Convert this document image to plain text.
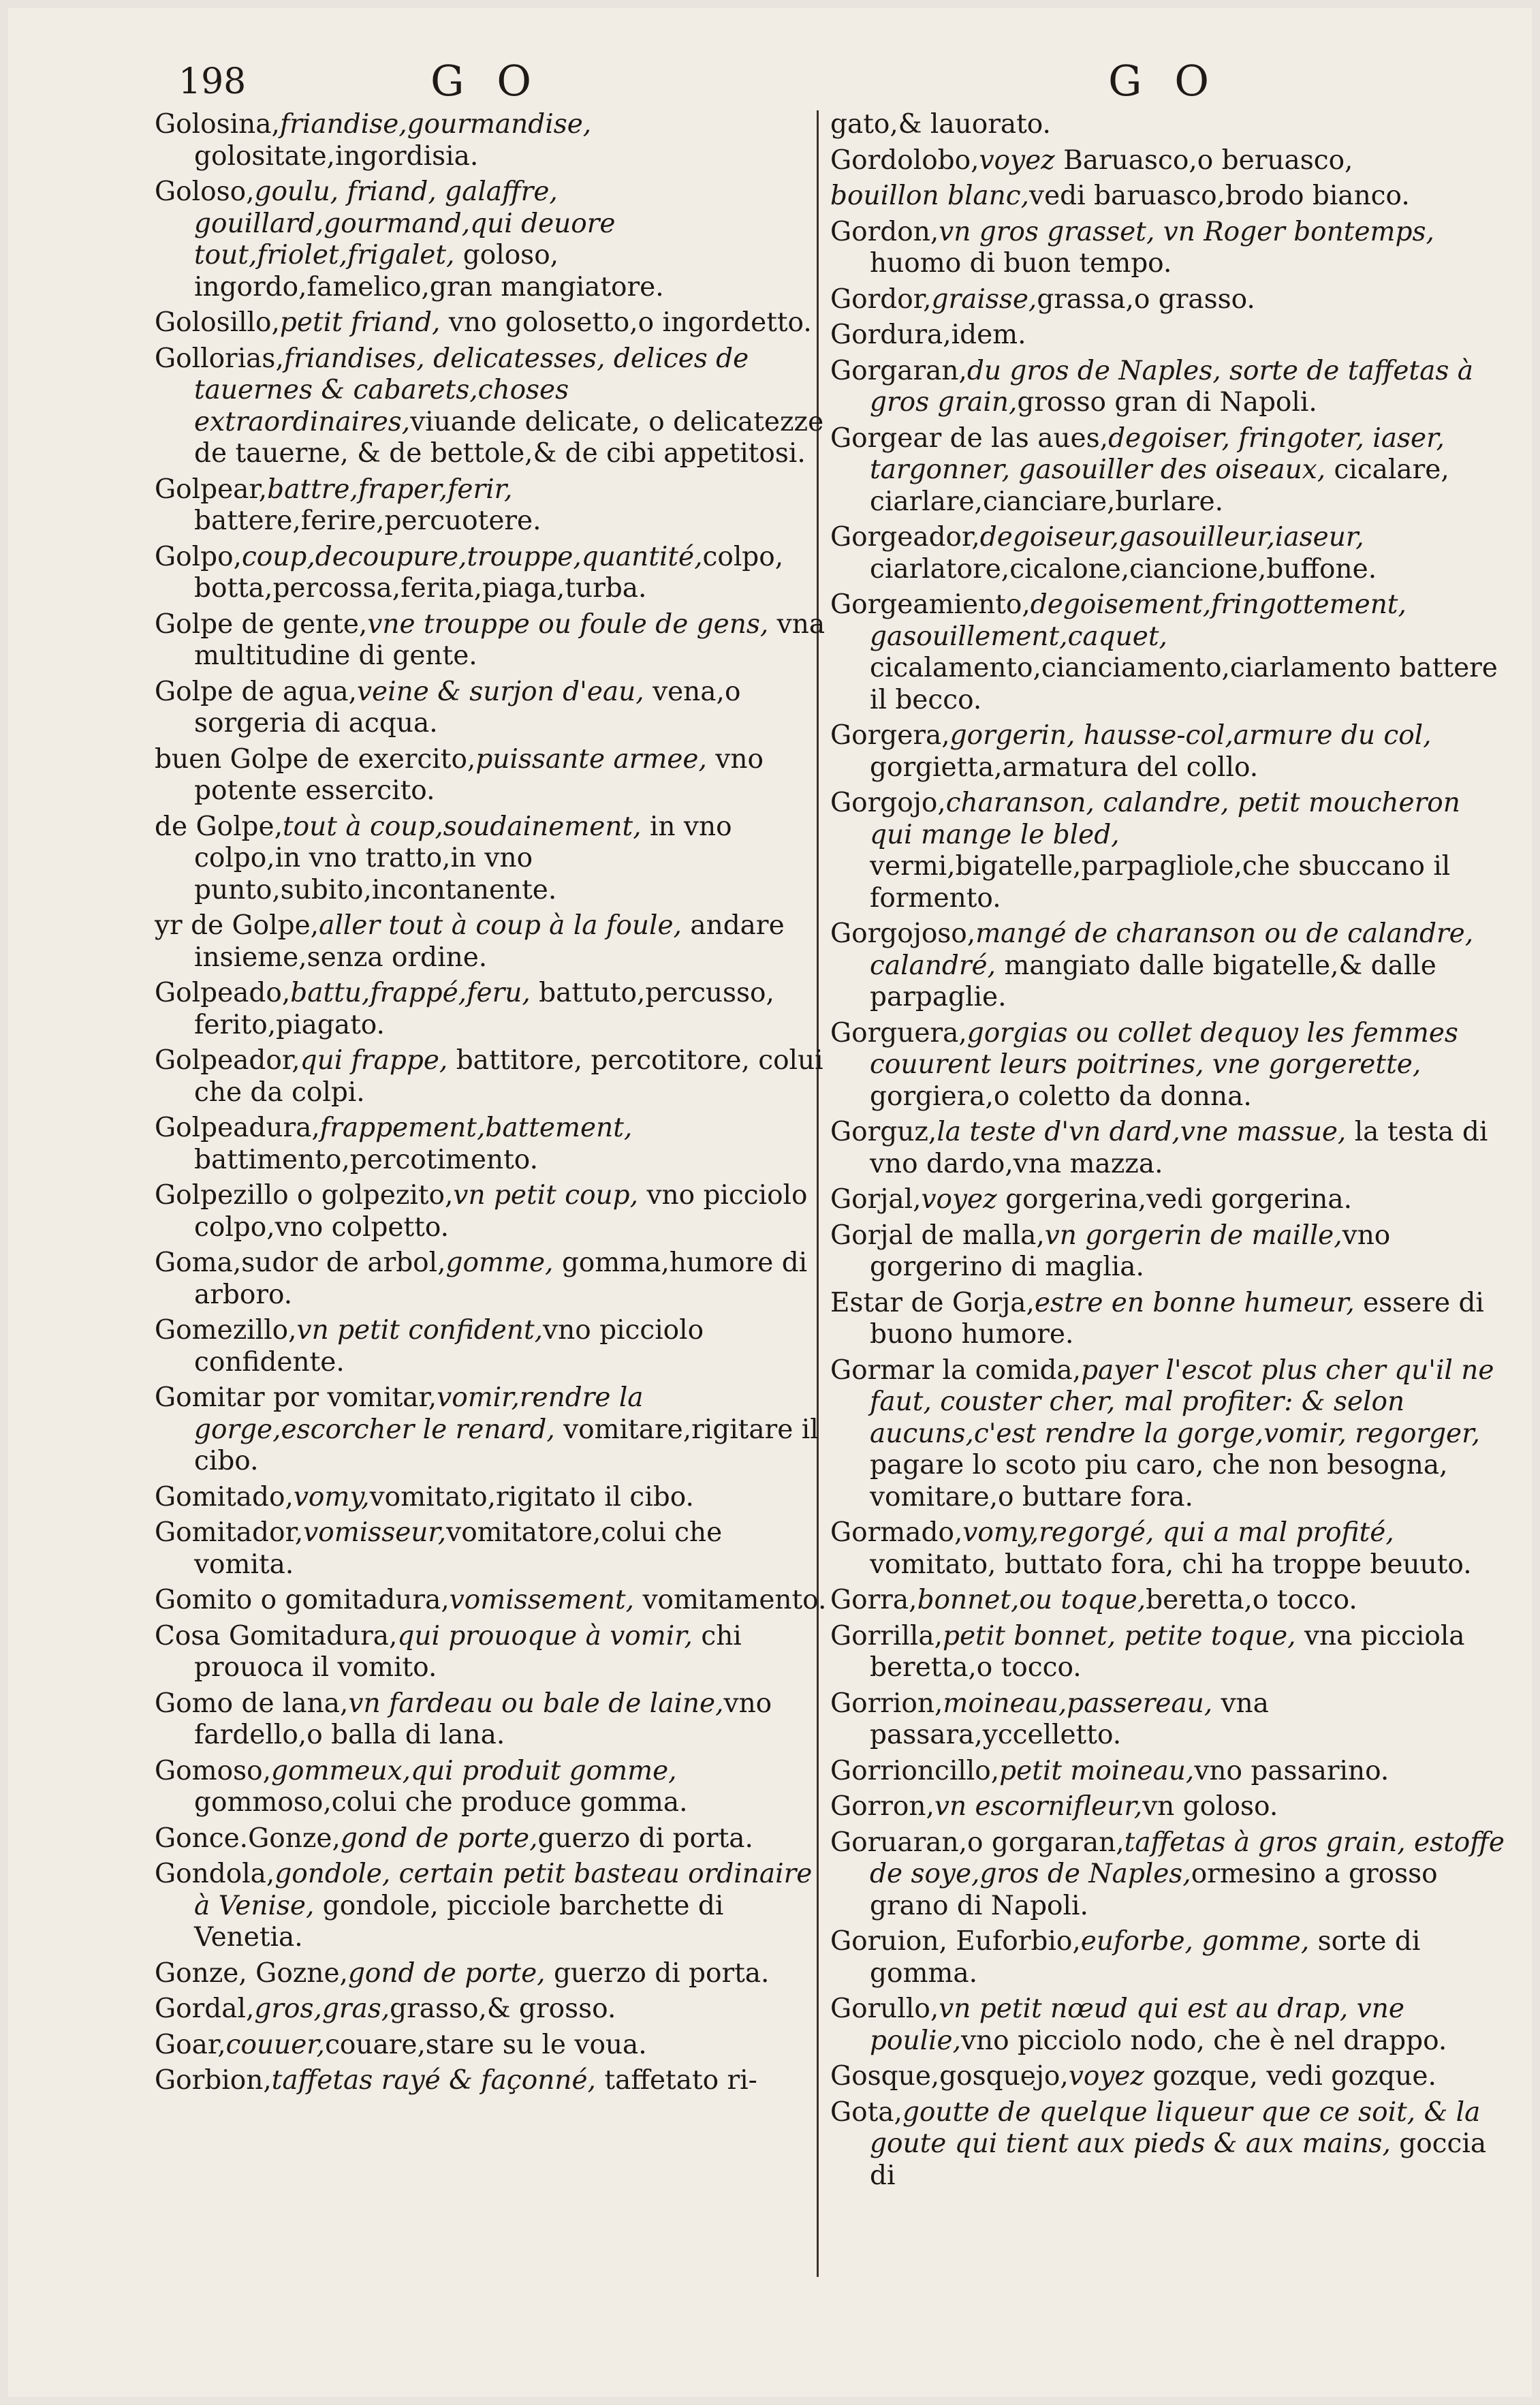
198	G O	G O

Golosina,friandise,gourmandise, golositate,ingordisia.

Goloso,goulu, friand, galaffre, gouillard,gourmand,qui deuore tout,friolet,frigalet, goloso, ingordo,famelico,gran mangiatore.

Golosillo,petit friand, vno golosetto,o ingordetto.

Gollorias,friandises, delicatesses, delices de tauernes & cabarets,choses extraordinaires,viuande delicate, o delicatezze de tauerne, & de bettole,& de cibi appetitosi.

Golpear,battre,fraper,ferir, battere,ferire,percuotere.

Golpo,coup,decoupure,trouppe,quantité,colpo, botta,percossa,ferita,piaga,turba.

Golpe de gente,vne trouppe ou foule de gens, vna multitudine di gente.

Golpe de agua,veine & surjon d'eau, vena,o sorgeria di acqua.

buen Golpe de exercito,puissante armee, vno potente essercito.

de Golpe,tout à coup,soudainement, in vno colpo,in vno tratto,in vno punto,subito,incontanente.

yr de Golpe,aller tout à coup à la foule, andare insieme,senza ordine.

Golpeado,battu,frappé,feru, battuto,percusso, ferito,piagato.

Golpeador,qui frappe, battitore, percotitore, colui che da colpi.

Golpeadura,frappement,battement, battimento,percotimento.

Golpezillo o golpezito,vn petit coup, vno picciolo colpo,vno colpetto.

Goma,sudor de arbol,gomme, gomma,humore di arboro.

Gomezillo,vn petit confident,vno picciolo confidente.

Gomitar por vomitar,vomir,rendre la gorge,escorcher le renard, vomitare,rigitare il cibo.

Gomitado,vomy,vomitato,rigitato il cibo.

Gomitador,vomisseur,vomitatore,colui che vomita.

Gomito o gomitadura,vomissement, vomitamento.

Cosa Gomitadura,qui prouoque à vomir, chi prouoca il vomito.

Gomo de lana,vn fardeau ou bale de laine,vno fardello,o balla di lana.

Gomoso,gommeux,qui produit gomme, gommoso,colui che produce gomma.

Gonce.Gonze,gond de porte,guerzo di porta.

Gondola,gondole, certain petit basteau ordinaire à Venise, gondole, picciole barchette di Venetia.

Gonze, Gozne,gond de porte, guerzo di porta.

Gordal,gros,gras,grasso,& grosso.

Goar,couuer,couare,stare su le voua.

Gorbion,taffetas rayé & façonné, taffetato ri-

gato,& lauorato.

Gordolobo,voyez Baruasco,o beruasco,

bouillon blanc,vedi baruasco,brodo bianco.

Gordon,vn gros grasset, vn Roger bontemps, huomo di buon tempo.

Gordor,graisse,grassa,o grasso.

Gordura,idem.

Gorgaran,du gros de Naples, sorte de taffetas à gros grain,grosso gran di Napoli.

Gorgear de las aues,degoiser, fringoter, iaser, targonner, gasouiller des oiseaux, cicalare, ciarlare,cianciare,burlare.

Gorgeador,degoiseur,gasouilleur,iaseur, ciarlatore,cicalone,ciancione,buffone.

Gorgeamiento,degoisement,fringottement, gasouillement,caquet, cicalamento,cianciamento,ciarlamento battere il becco.

Gorgera,gorgerin, hausse-col,armure du col, gorgietta,armatura del collo.

Gorgojo,charanson, calandre, petit moucheron qui mange le bled, vermi,bigatelle,parpagliole,che sbuccano il formento.

Gorgojoso,mangé de charanson ou de calandre, calandré, mangiato dalle bigatelle,& dalle parpaglie.

Gorguera,gorgias ou collet dequoy les femmes couurent leurs poitrines, vne gorgerette, gorgiera,o coletto da donna.

Gorguz,la teste d'vn dard,vne massue, la testa di vno dardo,vna mazza.

Gorjal,voyez gorgerina,vedi gorgerina.

Gorjal de malla,vn gorgerin de maille,vno gorgerino di maglia.

Estar de Gorja,estre en bonne humeur, essere di buono humore.

Gormar la comida,payer l'escot plus cher qu'il ne faut, couster cher, mal profiter: & selon aucuns,c'est rendre la gorge,vomir, regorger, pagare lo scoto piu caro, che non besogna, vomitare,o buttare fora.

Gormado,vomy,regorgé, qui a mal profité, vomitato, buttato fora, chi ha troppe beuuto.

Gorra,bonnet,ou toque,beretta,o tocco.

Gorrilla,petit bonnet, petite toque, vna picciola beretta,o tocco.

Gorrion,moineau,passereau, vna passara,yccelletto.

Gorrioncillo,petit moineau,vno passarino.

Gorron,vn escornifleur,vn goloso.

Goruaran,o gorgaran,taffetas à gros grain, estoffe de soye,gros de Naples,ormesino a grosso grano di Napoli.

Goruion, Euforbio,euforbe, gomme, sorte di gomma.

Gorullo,vn petit nœud qui est au drap, vne poulie,vno picciolo nodo, che è nel drappo.

Gosque,gosquejo,voyez gozque, vedi gozque.

Gota,goutte de quelque liqueur que ce soit, & la goute qui tient aux pieds & aux mains, goccia di
